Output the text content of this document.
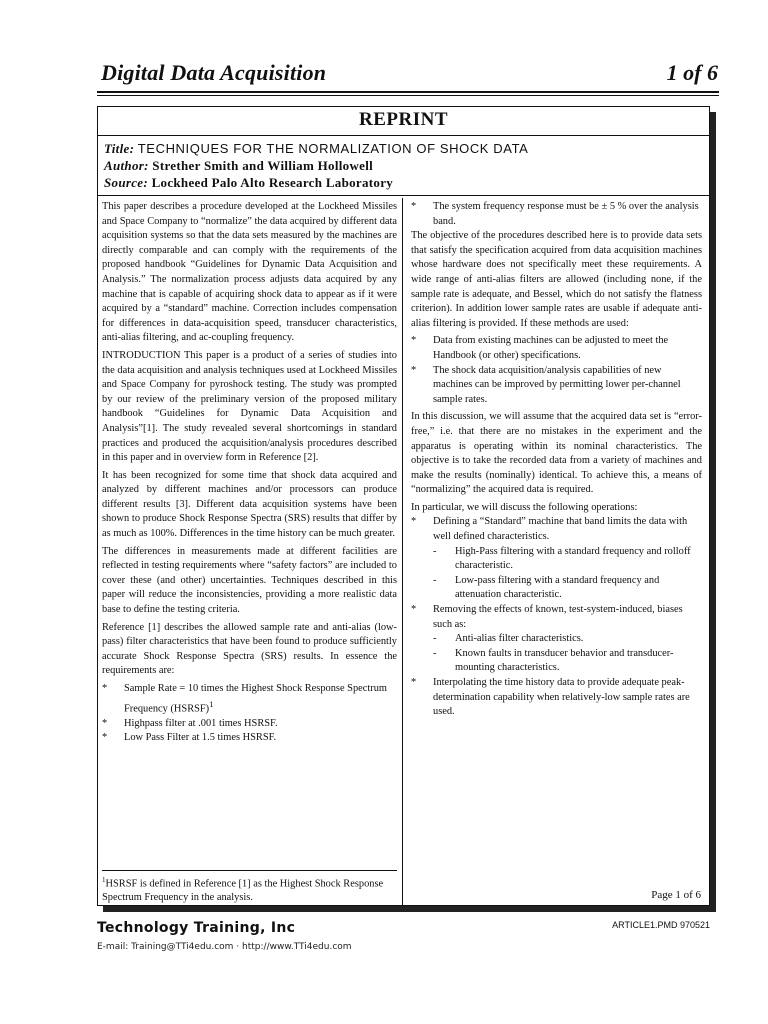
Digital Data Acquisition	1 of 6
REPRINT
Title: TECHNIQUES FOR THE NORMALIZATION OF SHOCK DATA
Author: Strether Smith and William Hollowell
Source: Lockheed Palo Alto Research Laboratory

This paper describes a procedure developed at the Lockheed Missiles and Space Company to “normalize” the data acquired by different data acquisition systems so that the data sets measured by the machines are directly comparable and can comply with the requirements of the proposed handbook “Guidelines for Dynamic Data Acquisition and Analysis.” The normalization process adjusts data acquired by any machine that is capable of acquiring shock data to appear as if it were acquired by a “standard” machine. Correction includes compensation for differences in data-acquisition speed, transducer characteristics, anti-alias filtering, and ac-coupling frequency.

INTRODUCTION This paper is a product of a series of studies into the data acquisition and analysis techniques used at Lockheed Missiles and Space Company for pyroshock testing. The study was prompted by our review of the preliminary version of the proposed military handbook “Guidelines for Dynamic Data Acquisition and Analysis”[1]. The study revealed several shortcomings in standard practices and produced the acquisition/analysis procedures described in this paper and in overview form in Reference [2].

It has been recognized for some time that shock data acquired and analyzed by different machines and/or processors can produce different results [3]. Different data acquisition systems have been shown to produce Shock Response Spectra (SRS) results that differ by as much as 100%. Differences in the time history can be much greater.

The differences in measurements made at different facilities are reflected in testing requirements where “safety factors” are included to cover these (and other) uncertainties. Techniques described in this paper will reduce the inconsistencies, providing a more realistic data base to define the testing criteria.

Reference [1] describes the allowed sample rate and anti-alias (low-pass) filter characteristics that have been found to produce sufficiently accurate Shock Response Spectra (SRS) results. In essence the requirements are:

*	Sample Rate = 10 times the Highest Shock Response Spectrum Frequency (HSRSF)$^1$
*	Highpass filter at .001 times HSRSF.
*	Low Pass Filter at 1.5 times HSRSF.
$^1$HSRSF is defined in Reference [1] as the Highest Shock Response Spectrum Frequency in the analysis.
*	The system frequency response must be ± 5 % over the analysis band.

The objective of the procedures described here is to provide data sets that satisfy the specification acquired from data acquisition machines whose hardware does not specifically meet these requirements. A wide range of anti-alias filters are allowed (including none, if the sample rate is adequate, and Bessel, which do not satisfy the flatness criterion). In addition lower sample rates are usable if adequate anti-alias filtering is provided. If these methods are used:

*	Data from existing machines can be adjusted to meet the Handbook (or other) specifications.
*	The shock data acquisition/analysis capabilities of new machines can be improved by permitting lower per-channel sample rates.

In this discussion, we will assume that the acquired data set is “error-free,” i.e. that there are no mistakes in the experiment and the apparatus is operating within its nominal characteristics. The objective is to take the recorded data from a variety of machines and make the results (nominally) identical. To achieve this, a means of “normalizing” the acquired data is required.

In particular, we will discuss the following operations:

*	Defining a “Standard” machine that band limits the data with well defined characteristics.
-	High-Pass filtering with a standard frequency and rolloff characteristic.
-	Low-pass filtering with a standard frequency and attenuation characteristic.
*	Removing the effects of known, test-system-induced, biases such as:
-	Anti-alias filter characteristics.
-	Known faults in transducer behavior and transducer-mounting characteristics.
*	Interpolating the time history data to provide adequate peak-determination capability when relatively-low sample rates are used.
Page 1 of 6
Technology Training, Inc
E-mail: Training@TTi4edu.com · http://www.TTi4edu.com
ARTICLE1.PMD 970521
